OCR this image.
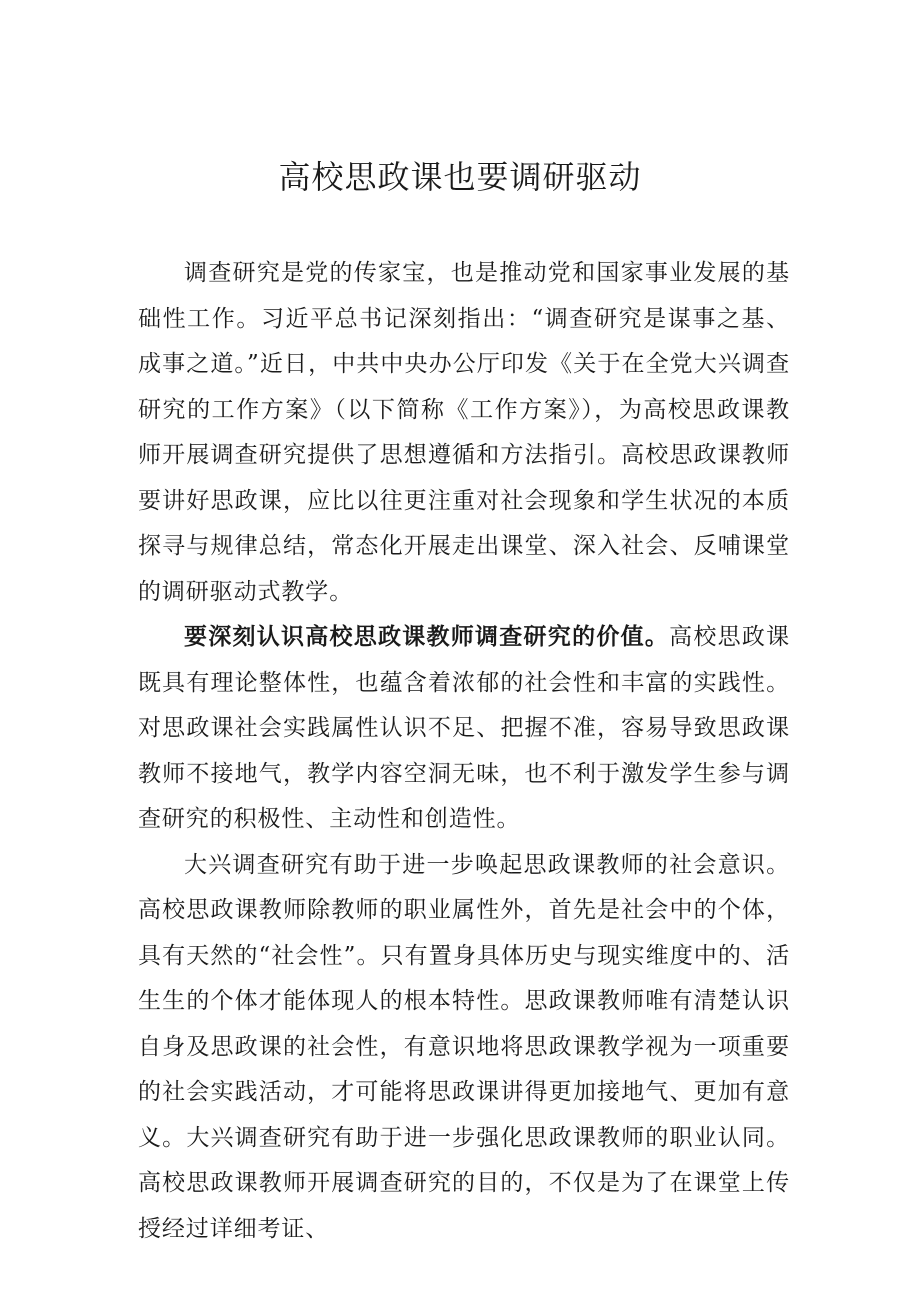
高校思政课也要调研驱动

调查研究是党的传家宝，也是推动党和国家事业发展的基础性工作。习近平总书记深刻指出：“调查研究是谋事之基、成事之道。”近日，中共中央办公厅印发《关于在全党大兴调查研究的工作方案》（以下简称《工作方案》），为高校思政课教师开展调查研究提供了思想遵循和方法指引。高校思政课教师要讲好思政课，应比以往更注重对社会现象和学生状况的本质探寻与规律总结，常态化开展走出课堂、深入社会、反哺课堂的调研驱动式教学。

要深刻认识高校思政课教师调查研究的价值。高校思政课既具有理论整体性，也蕴含着浓郁的社会性和丰富的实践性。对思政课社会实践属性认识不足、把握不准，容易导致思政课教师不接地气，教学内容空洞无味，也不利于激发学生参与调查研究的积极性、主动性和创造性。

大兴调查研究有助于进一步唤起思政课教师的社会意识。高校思政课教师除教师的职业属性外，首先是社会中的个体，具有天然的“社会性”。只有置身具体历史与现实维度中的、活生生的个体才能体现人的根本特性。思政课教师唯有清楚认识自身及思政课的社会性，有意识地将思政课教学视为一项重要的社会实践活动，才可能将思政课讲得更加接地气、更加有意义。大兴调查研究有助于进一步强化思政课教师的职业认同。高校思政课教师开展调查研究的目的，不仅是为了在课堂上传授经过详细考证、
